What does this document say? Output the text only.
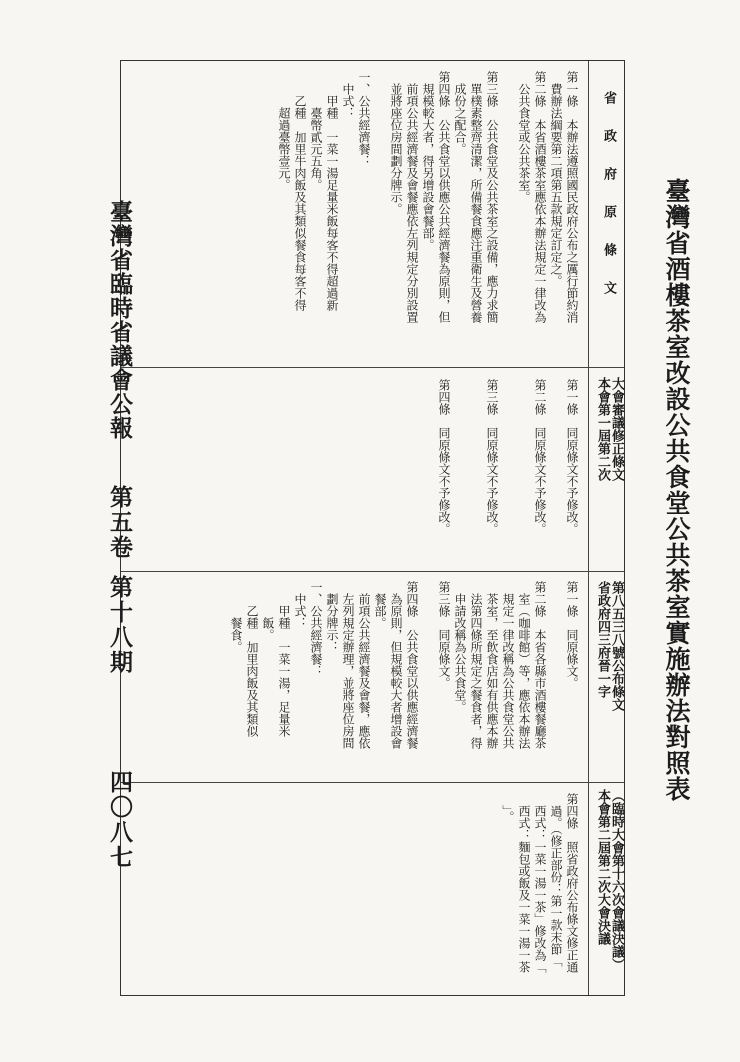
臺灣省酒樓茶室改設公共食堂公共茶室實施辦法對照表
省　政　府　原　條　文
第一條　本辦法遵照國民政府公布之厲行節約消
　費辦法綱要第二項第五款規定訂定之。
第二條　本省酒樓茶室應依本辦法規定一律改為
　公共食堂或公共茶室。

第三條　公共食堂及公共茶室之設備，應力求簡
　單樸素整齊清潔，所備餐食應注重衛生及營養
　成份之配合。
第四條　公共食堂以供應公共經濟餐為原則，但
　規模較大者，得另增設會餐部。
　前項公共經濟餐及會餐應依左列規定分別設置
　並將座位房間劃分牌示。

一、公共經濟餐：
　中式：
　　甲種　一菜一湯足量米飯每客不得超過新
　　　臺幣貳元五角。
　　乙種　加里牛肉飯及其類似餐食每客不得
　　　超過臺幣壹元。
本會第一屆第二次 大會審議修正條文
第一條　同原條文不予修改。

第二條　同原條文不予修改。

第三條　同原條文不予修改。

第四條　同原條文不予修改。
省政府四三府晉一字 第八五三八號公布條文
第一條　同原條文。

第二條　本省各縣市酒樓餐廳茶
　室（咖啡館）等，應依本辦法
　規定一律改稱為公共食堂公共
　茶室，至飲食店如有供應本辦
　法第四條所規定之餐食者，得
　申請改稱為公共食堂。
第三條　同原條文。

第四條　公共食堂以供應經濟餐
　為原則，但規模較大者增設會
　餐部。
　前項公共經濟餐及會餐，應依
　左列規定辦理，並將座位房間
　劃分牌示：
一、公共經濟餐：
　中式：
　　甲種　一菜一湯，足量米
　　　飯。
　　乙種　加里肉飯及其類似
　　　餐食。
本會第二屆第二次大會決議 （臨時大會第十六次會議決議）
第四條　照省政府公布條文修正通
　過。（修正部份：第一款末節「
　西式：一菜一湯一茶」修改為「
　西式：麵包或飯及一菜一湯一茶
　」。
臺灣省臨時省議會公報
第五卷
第十八期
四〇八七
